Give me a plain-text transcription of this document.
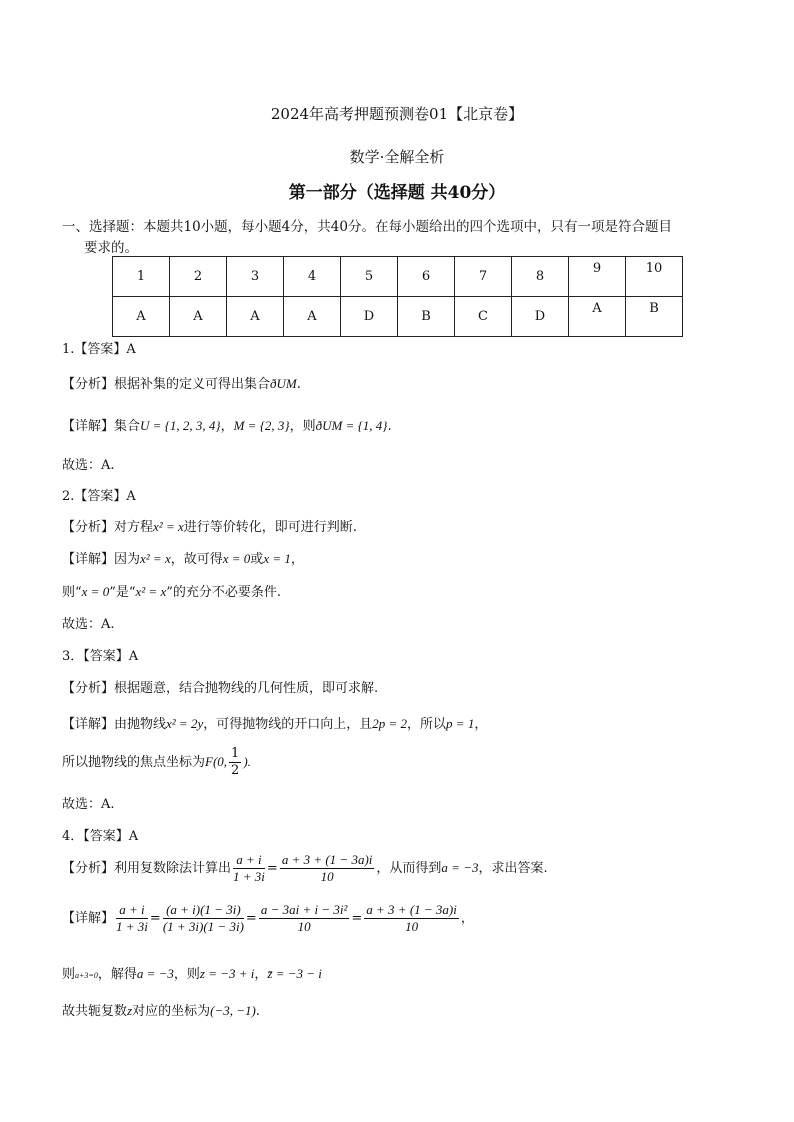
2024年高考押题预测卷01【北京卷】
数学·全解全析
第一部分（选择题 共40分）
一、选择题：本题共10小题，每小题4分，共40分。在每小题给出的四个选项中，只有一项是符合题目
要求的。
1	2	3	4	5	6	7	8	9	10
A	A	A	A	D	B	C	D	A	B
1.【答案】A
【分析】根据补集的定义可得出集合ðUM.
【详解】集合U = {1, 2, 3, 4}，M = {2, 3}，则ðUM = {1, 4}.
故选：A.
2.【答案】A
【分析】对方程x² = x进行等价转化，即可进行判断.
【详解】因为x² = x，故可得x = 0或x = 1，
则“x = 0”是“x² = x”的充分不必要条件.
故选：A.
3．【答案】A
【分析】根据题意，结合抛物线的几何性质，即可求解.
【详解】由抛物线x² = 2y，可得抛物线的开口向上，且2p = 2，所以p = 1，
所以抛物线的焦点坐标为F(0, $\frac{1}{2}$ ).
故选：A.
4．【答案】A
【分析】利用复数除法计算出 $\frac{a + i}{1 + 3i} = \frac{a + 3 + (1 - 3a)i}{10}$ ，从而得到a = −3，求出答案.
【详解】 $\frac{a + i}{1 + 3i} = \frac{(a + i)(1 - 3i)}{(1 + 3i)(1 - 3i)} = \frac{\text{a − 3ai + i − 3i²}}{10} = \frac{a + 3 + (1 - 3a)i}{10}$ ，
则a+3=0，解得a = −3，则z = −3 + i，z̄ = −3 − i
故共轭复数z对应的坐标为(−3, −1).
